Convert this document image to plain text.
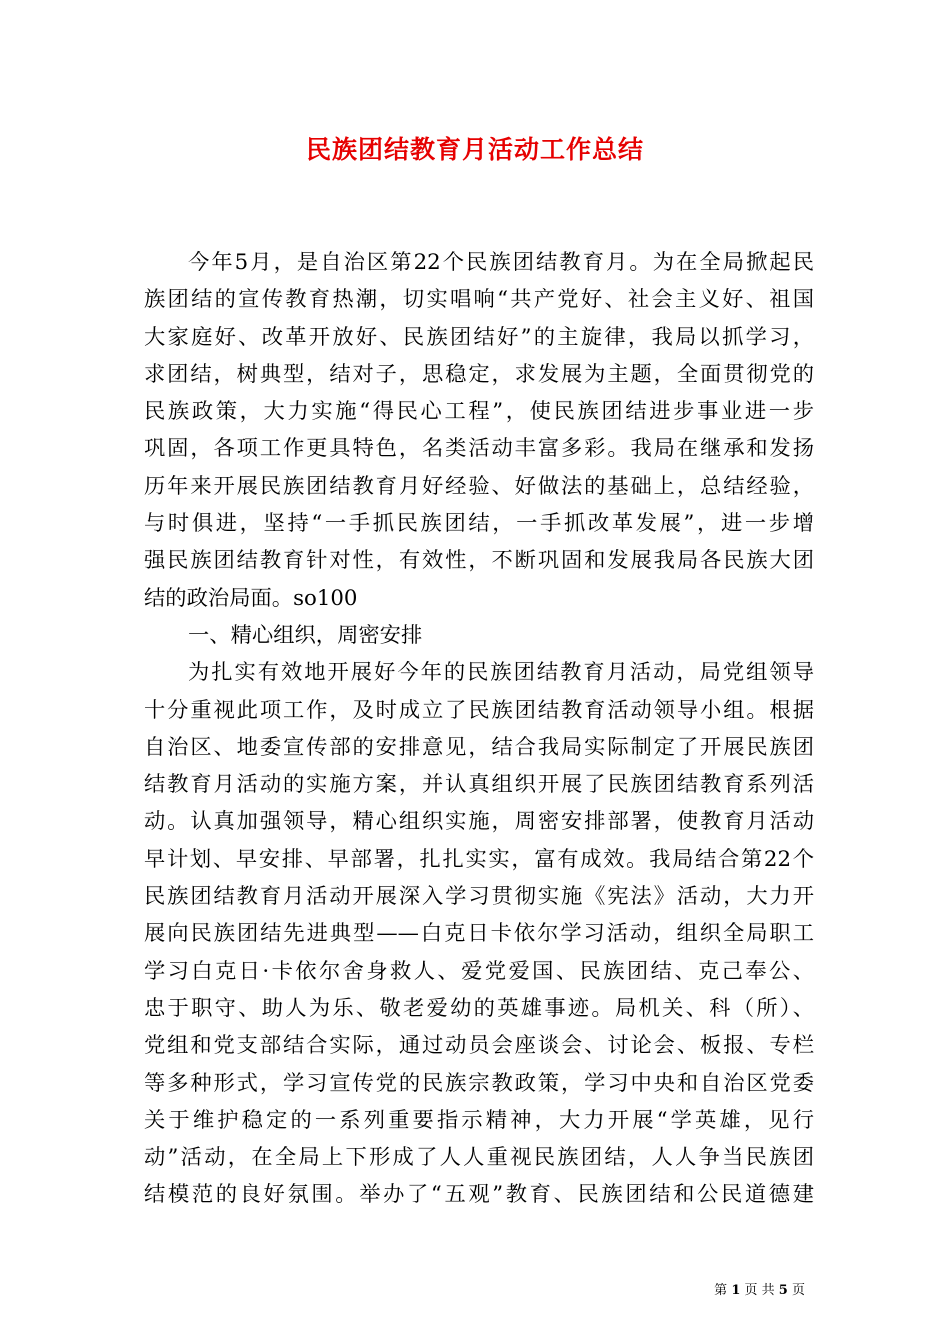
民族团结教育月活动工作总结
今年5月，是自治区第22个民族团结教育月。为在全局掀起民
族团结的宣传教育热潮，切实唱响“共产党好、社会主义好、祖国
大家庭好、改革开放好、民族团结好”的主旋律，我局以抓学习，
求团结，树典型，结对子，思稳定，求发展为主题，全面贯彻党的
民族政策，大力实施“得民心工程”，使民族团结进步事业进一步
巩固，各项工作更具特色，名类活动丰富多彩。我局在继承和发扬
历年来开展民族团结教育月好经验、好做法的基础上，总结经验，
与时俱进，坚持“一手抓民族团结，一手抓改革发展”，进一步增
强民族团结教育针对性，有效性，不断巩固和发展我局各民族大团
结的政治局面。so100
一、精心组织，周密安排
为扎实有效地开展好今年的民族团结教育月活动，局党组领导
十分重视此项工作，及时成立了民族团结教育活动领导小组。根据
自治区、地委宣传部的安排意见，结合我局实际制定了开展民族团
结教育月活动的实施方案，并认真组织开展了民族团结教育系列活
动。认真加强领导，精心组织实施，周密安排部署，使教育月活动
早计划、早安排、早部署，扎扎实实，富有成效。我局结合第22个
民族团结教育月活动开展深入学习贯彻实施《宪法》活动，大力开
展向民族团结先进典型——白克日卡依尔学习活动，组织全局职工
学习白克日·卡依尔舍身救人、爱党爱国、民族团结、克己奉公、
忠于职守、助人为乐、敬老爱幼的英雄事迹。局机关、科（所）、
党组和党支部结合实际，通过动员会座谈会、讨论会、板报、专栏
等多种形式，学习宣传党的民族宗教政策，学习中央和自治区党委
关于维护稳定的一系列重要指示精神，大力开展“学英雄，见行
动”活动，在全局上下形成了人人重视民族团结，人人争当民族团
结模范的良好氛围。举办了“五观”教育、民族团结和公民道德建
第 1 页 共 5 页
